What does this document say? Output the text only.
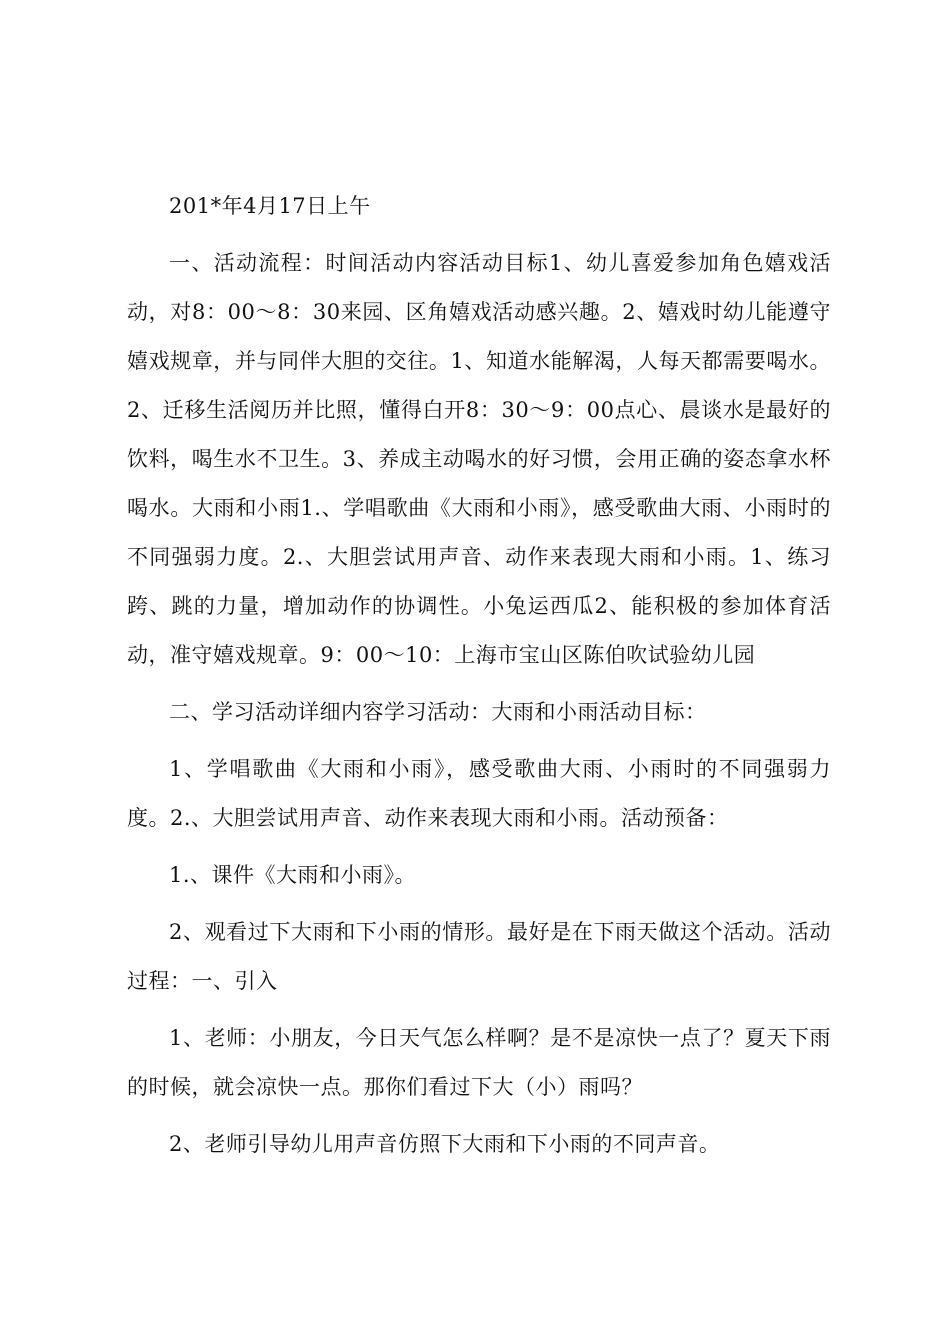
201*年4月17日上午

一、活动流程：时间活动内容活动目标1、幼儿喜爱参加角色嬉戏活动，对8：00～8：30来园、区角嬉戏活动感兴趣。2、嬉戏时幼儿能遵守嬉戏规章，并与同伴大胆的交往。1、知道水能解渴，人每天都需要喝水。2、迁移生活阅历并比照，懂得白开8：30～9：00点心、晨谈水是最好的饮料，喝生水不卫生。3、养成主动喝水的好习惯，会用正确的姿态拿水杯喝水。大雨和小雨1.、学唱歌曲《大雨和小雨》，感受歌曲大雨、小雨时的不同强弱力度。2.、大胆尝试用声音、动作来表现大雨和小雨。1、练习跨、跳的力量，增加动作的协调性。小兔运西瓜2、能积极的参加体育活动，准守嬉戏规章。9：00～10：上海市宝山区陈伯吹试验幼儿园

二、学习活动详细内容学习活动：大雨和小雨活动目标：

1、学唱歌曲《大雨和小雨》，感受歌曲大雨、小雨时的不同强弱力度。2.、大胆尝试用声音、动作来表现大雨和小雨。活动预备：

1.、课件《大雨和小雨》。

2、观看过下大雨和下小雨的情形。最好是在下雨天做这个活动。活动过程：一、引入

1、老师：小朋友，今日天气怎么样啊？是不是凉快一点了？夏天下雨的时候，就会凉快一点。那你们看过下大（小）雨吗？

2、老师引导幼儿用声音仿照下大雨和下小雨的不同声音。
